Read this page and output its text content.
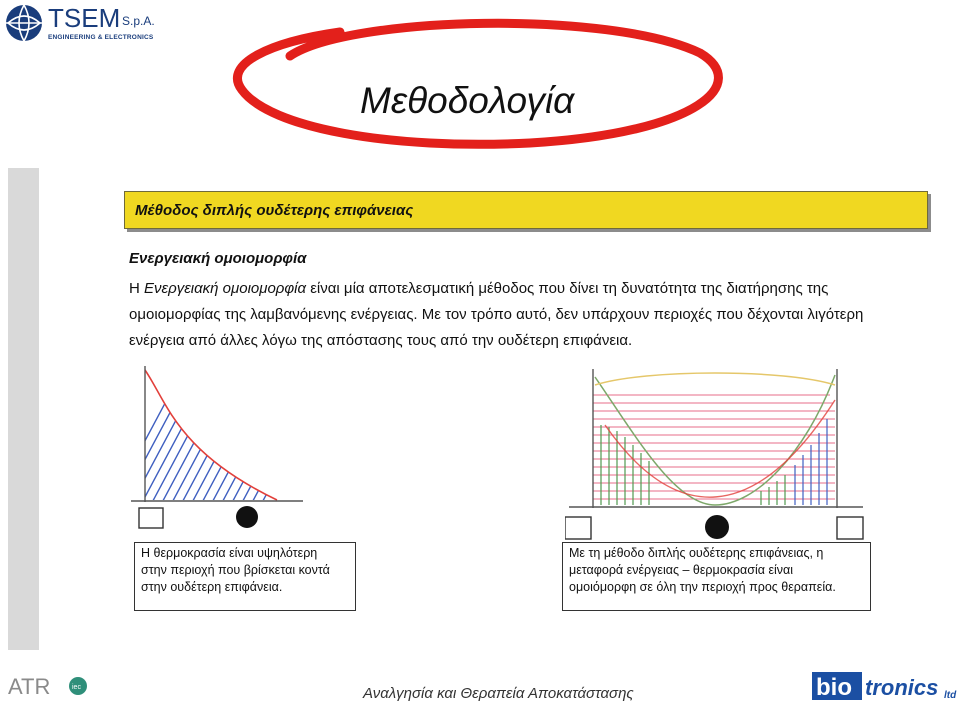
TSEM S.p.A.
ENGINEERING & ELECTRONICS
Μεθοδολογία
Μέθοδος διπλής ουδέτερης επιφάνειας
Ενεργειακή ομοιομορφία
Η Ενεργειακή ομοιομορφία είναι μία αποτελεσματική μέθοδος που δίνει τη δυνατότητα της διατήρησης της
ομοιομορφίας της λαμβανόμενης ενέργειας. Με τον τρόπο αυτό, δεν υπάρχουν περιοχές που δέχονται λιγότερη
ενέργεια από άλλες λόγω της απόστασης τους από την ουδέτερη επιφάνεια.
Η θερμοκρασία είναι υψηλότερη
στην περιοχή που βρίσκεται κοντά
στην ουδέτερη επιφάνεια.
Με τη μέθοδο διπλής ουδέτερης επιφάνειας, η
μεταφορά ενέργειας – θερμοκρασία είναι
ομοιόμορφη σε όλη την περιοχή προς θεραπεία.
ATR	iec	Αναλγησία και Θεραπεία Αποκατάστασης	bio tronics ltd
